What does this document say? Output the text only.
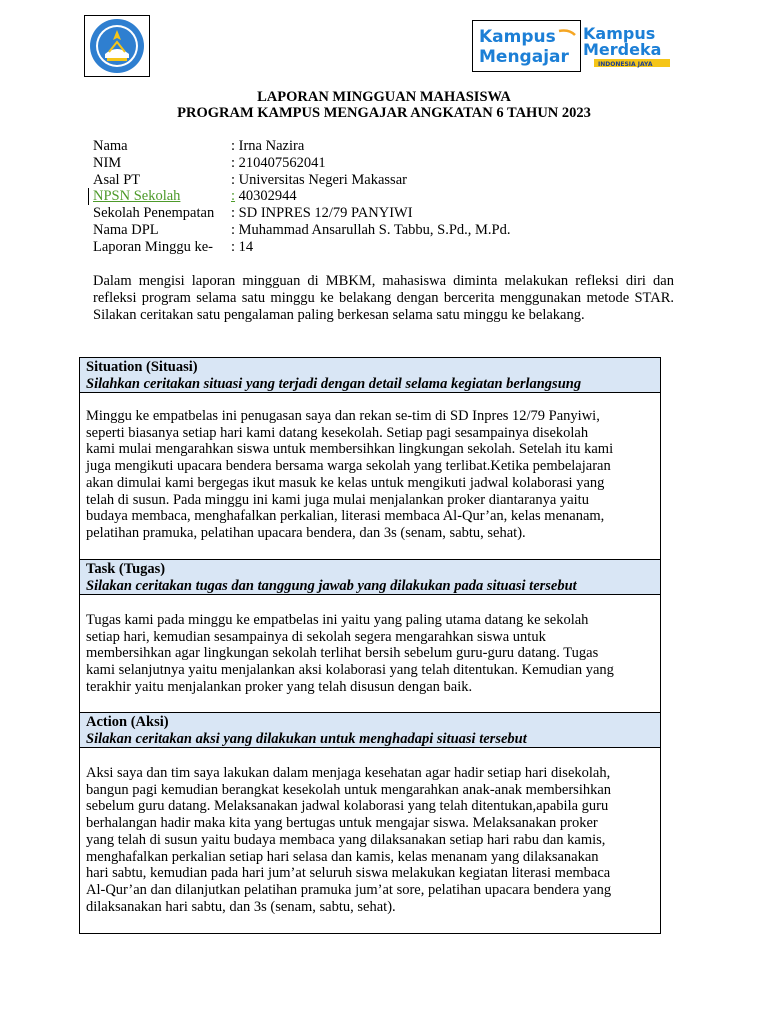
Kampus
Mengajar
Kampus
Merdeka
INDONESIA JAYA
LAPORAN MINGGUAN MAHASISWA
PROGRAM KAMPUS MENGAJAR ANGKATAN 6 TAHUN 2023
Nama	: Irna Nazira
NIM	: 210407562041
Asal PT	: Universitas Negeri Makassar
NPSN Sekolah	: 40302944
Sekolah Penempatan : SD INPRES 12/79 PANYIWI
Nama DPL	: Muhammad Ansarullah S. Tabbu, S.Pd., M.Pd.
Laporan Minggu ke- : 14
Dalam mengisi laporan mingguan di MBKM, mahasiswa diminta melakukan refleksi diri dan refleksi program selama satu minggu ke belakang dengan bercerita menggunakan metode STAR. Silakan ceritakan satu pengalaman paling berkesan selama satu minggu ke belakang.
Situation (Situasi)
Silahkan ceritakan situasi yang terjadi dengan detail selama kegiatan berlangsung

Minggu ke empatbelas ini penugasan saya dan rekan se-tim di SD Inpres 12/79 Panyiwi,

seperti biasanya setiap hari kami datang kesekolah. Setiap pagi sesampainya disekolah

kami mulai mengarahkan siswa untuk membersihkan lingkungan sekolah. Setelah itu kami

juga mengikuti upacara bendera bersama warga sekolah yang terlibat.Ketika pembelajaran

akan dimulai kami bergegas ikut masuk ke kelas untuk mengikuti jadwal kolaborasi yang

telah di susun. Pada minggu ini kami juga mulai menjalankan proker diantaranya yaitu

budaya membaca, menghafalkan perkalian, literasi membaca Al-Qur’an, kelas menanam,

pelatihan pramuka, pelatihan upacara bendera, dan 3s (senam, sabtu, sehat).

Task (Tugas)
Silakan ceritakan tugas dan tanggung jawab yang dilakukan pada situasi tersebut

Tugas kami pada minggu ke empatbelas ini yaitu yang paling utama datang ke sekolah

setiap hari, kemudian sesampainya di sekolah segera mengarahkan siswa untuk

membersihkan agar lingkungan sekolah terlihat bersih sebelum guru-guru datang. Tugas

kami selanjutnya yaitu menjalankan aksi kolaborasi yang telah ditentukan. Kemudian yang

terakhir yaitu menjalankan proker yang telah disusun dengan baik.

Action (Aksi)
Silakan ceritakan aksi yang dilakukan untuk menghadapi situasi tersebut

Aksi saya dan tim saya lakukan dalam menjaga kesehatan agar hadir setiap hari disekolah,

bangun pagi kemudian berangkat kesekolah untuk mengarahkan anak-anak membersihkan

sebelum guru datang. Melaksanakan jadwal kolaborasi yang telah ditentukan,apabila guru

berhalangan hadir maka kita yang bertugas untuk mengajar siswa. Melaksanakan proker

yang telah di susun yaitu budaya membaca yang dilaksanakan setiap hari rabu dan kamis,

menghafalkan perkalian setiap hari selasa dan kamis, kelas menanam yang dilaksanakan

hari sabtu, kemudian pada hari jum’at seluruh siswa melakukan kegiatan literasi membaca

Al-Qur’an dan dilanjutkan pelatihan pramuka jum’at sore, pelatihan upacara bendera yang

dilaksanakan hari sabtu, dan 3s (senam, sabtu, sehat).
